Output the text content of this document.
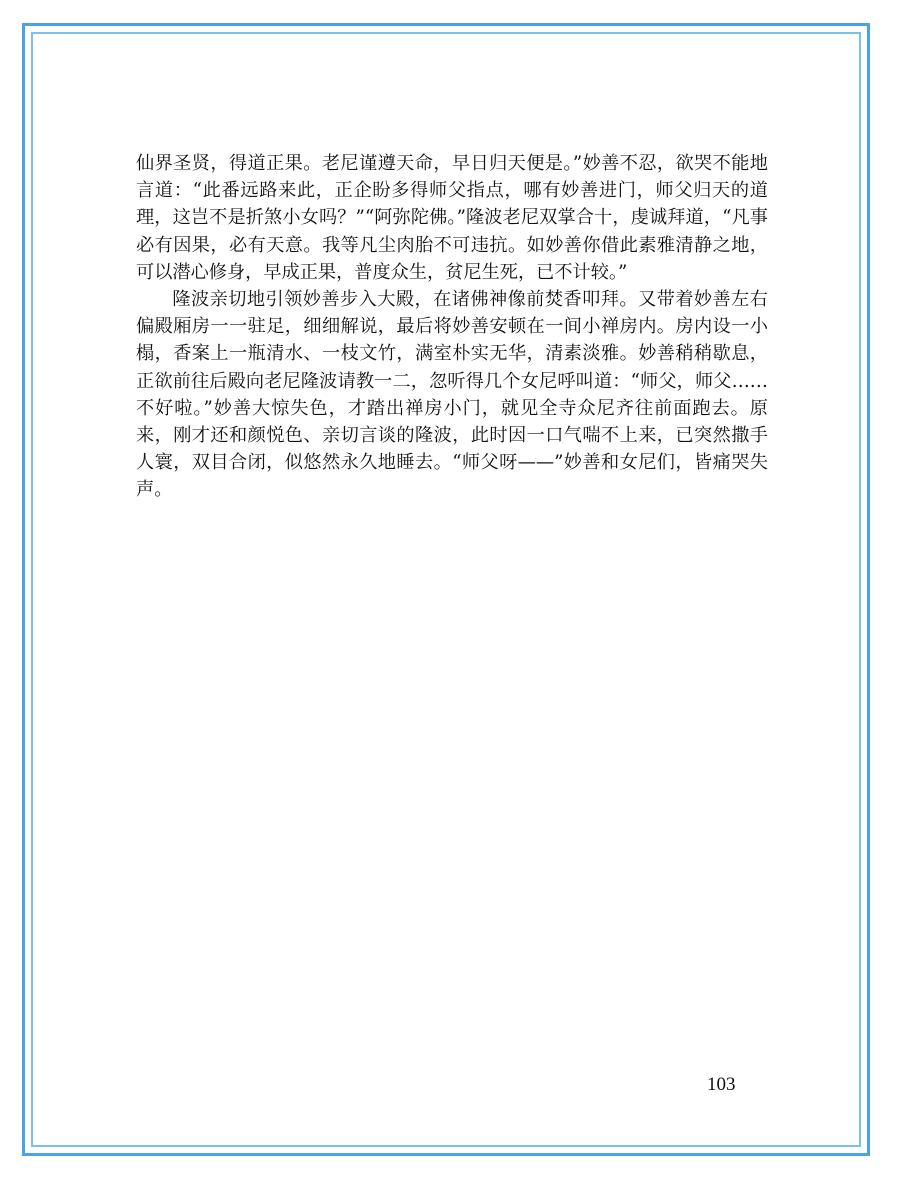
仙界圣贤，得道正果。老尼谨遵天命，早日归天便是。”妙善不忍，欲哭不能地言道：“此番远路来此，正企盼多得师父指点，哪有妙善进门，师父归天的道理，这岂不是折煞小女吗？”“阿弥陀佛。”隆波老尼双掌合十，虔诚拜道，“凡事必有因果，必有天意。我等凡尘肉胎不可违抗。如妙善你借此素雅清静之地，可以潜心修身，早成正果，普度众生，贫尼生死，已不计较。”

隆波亲切地引领妙善步入大殿，在诸佛神像前焚香叩拜。又带着妙善左右偏殿厢房一一驻足，细细解说，最后将妙善安顿在一间小禅房内。房内设一小榻，香案上一瓶清水、一枝文竹，满室朴实无华，清素淡雅。妙善稍稍歇息，正欲前往后殿向老尼隆波请教一二，忽听得几个女尼呼叫道：“师父，师父……不好啦。”妙善大惊失色，才踏出禅房小门，就见全寺众尼齐往前面跑去。原来，刚才还和颜悦色、亲切言谈的隆波，此时因一口气喘不上来，已突然撒手人寰，双目合闭，似悠然永久地睡去。“师父呀——”妙善和女尼们，皆痛哭失声。

103
